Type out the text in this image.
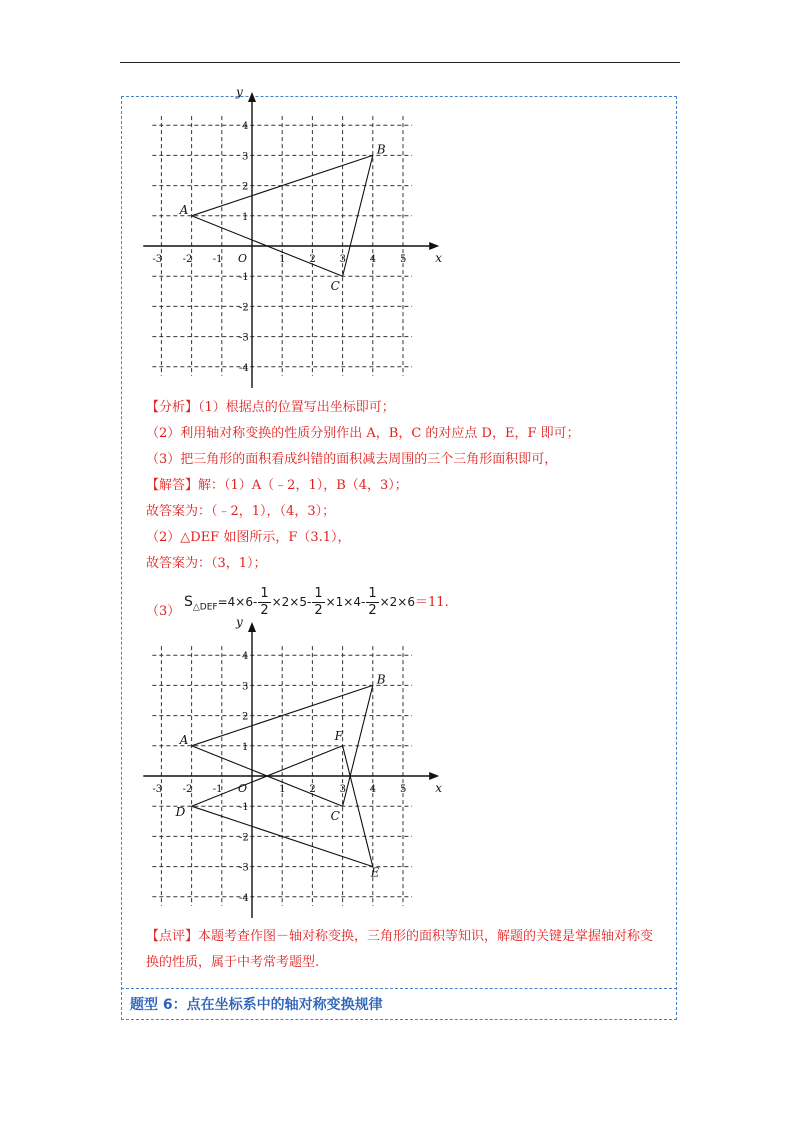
x
y
O
-3 -2 -1	1 2 3 4 5
4
3
2
1
-1
-2
-3
-4
A
B
C
【分析】（1）根据点的位置写出坐标即可；
（2）利用轴对称变换的性质分别作出 A，B，C 的对应点 D，E，F 即可；
（3）把三角形的面积看成纠错的面积减去周围的三个三角形面积即可，
【解答】解：（1）A（﹣2，1），B（4，3）；
故答案为：（﹣2，1），（4，3）；
（2）△DEF 如图所示，F（3.1），
故答案为：（3，1）；
（3）
$S_{\triangle DEF}=4\times 6- \frac{1}{2} \times 2\times 5- \frac{1}{2} \times 1\times 4- \frac{1}{2} \times 2\times 6=11$.
x
y
O
-3 -2 -1	1 2 3 4 5
4
3
2
1
-1
-2
-3
-4
A
B
C
D
E
F
【点评】本题考查作图－轴对称变换，三角形的面积等知识，解题的关键是掌握轴对称变换的性质，属于中考常考题型.
题型 6：点在坐标系中的轴对称变换规律
